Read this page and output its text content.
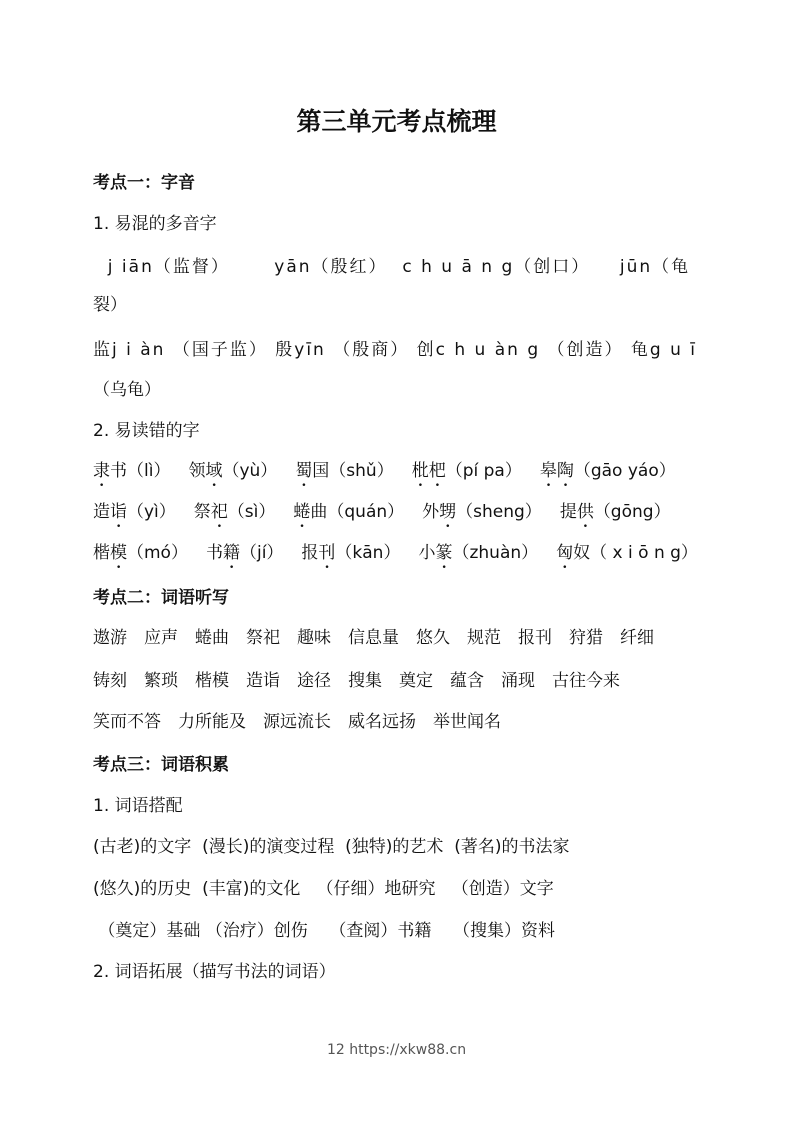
第三单元考点梳理
考点一：字音
1. 易混的多音字
j iān（监督）      yān（殷红）  c h u ā n g（创口）    jūn（龟
裂）
监j i àn （国子监） 殷yīn （殷商） 创c h u àn g （创造） 龟g u ī
（乌龟）
2. 易读错的字
隶书（lì） 领域（yù） 蜀国（shǔ） 枇杷（pí pa） 皋陶（gāo yáo）
造诣（yì） 祭祀（sì） 蜷曲（quán） 外甥（sheng） 提供（gōng）
楷模（mó） 书籍（jí） 报刊（kān） 小篆（zhuàn） 匈奴（ x i ō n g）
考点二：词语听写
遨游 应声 蜷曲 祭祀 趣味 信息量 悠久 规范 报刊 狩猎 纤细
铸刻 繁琐 楷模 造诣 途径 搜集 奠定 蕴含 涌现 古往今来
笑而不答 力所能及 源远流长 威名远扬 举世闻名
考点三：词语积累
1. 词语搭配
(古老)的文字  (漫长)的演变过程  (独特)的艺术  (著名)的书法家
(悠久)的历史  (丰富)的文化   （仔细）地研究   （创造）文字
（奠定）基础 （治疗）创伤    （查阅）书籍    （搜集）资料
2. 词语拓展（描写书法的词语）
12 https://xkw88.cn
